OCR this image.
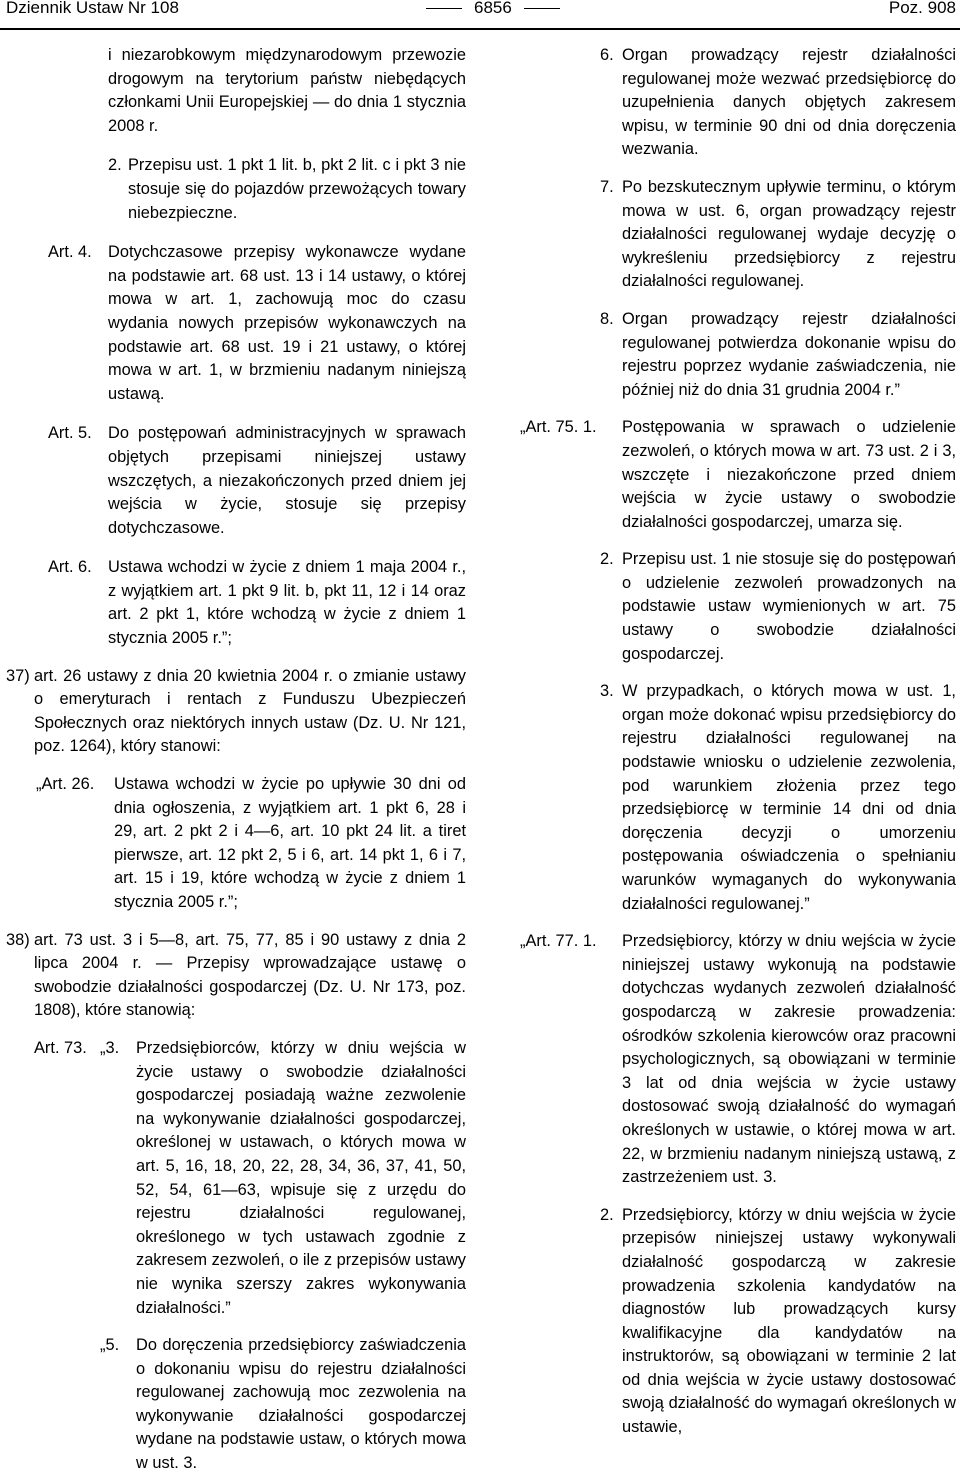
Dziennik Ustaw Nr 108	6856	Poz. 908

i niezarobkowym międzynarodowym przewozie drogowym na terytorium państw niebędących członkami Unii Europejskiej — do dnia 1 stycznia 2008 r.

2. Przepisu ust. 1 pkt 1 lit. b, pkt 2 lit. c i pkt 3 nie stosuje się do pojazdów przewożących towary niebezpieczne.

Art. 4. Dotychczasowe przepisy wykonawcze wydane na podstawie art. 68 ust. 13 i 14 ustawy, o której mowa w art. 1, zachowują moc do czasu wydania nowych przepisów wykonawczych na podstawie art. 68 ust. 19 i 21 ustawy, o której mowa w art. 1, w brzmieniu nadanym niniejszą ustawą.

Art. 5. Do postępowań administracyjnych w sprawach objętych przepisami niniejszej ustawy wszczętych, a niezakończonych przed dniem jej wejścia w życie, stosuje się przepisy dotychczasowe.

Art. 6. Ustawa wchodzi w życie z dniem 1 maja 2004 r., z wyjątkiem art. 1 pkt 9 lit. b, pkt 11, 12 i 14 oraz art. 2 pkt 1, które wchodzą w życie z dniem 1 stycznia 2005 r.”;

37) art. 26 ustawy z dnia 20 kwietnia 2004 r. o zmianie ustawy o emeryturach i rentach z Funduszu Ubezpieczeń Społecznych oraz niektórych innych ustaw (Dz. U. Nr 121, poz. 1264), który stanowi:

„Art. 26. Ustawa wchodzi w życie po upływie 30 dni od dnia ogłoszenia, z wyjątkiem art. 1 pkt 6, 28 i 29, art. 2 pkt 2 i 4—6, art. 10 pkt 24 lit. a tiret pierwsze, art. 12 pkt 2, 5 i 6, art. 14 pkt 1, 6 i 7, art. 15 i 19, które wchodzą w życie z dniem 1 stycznia 2005 r.”;

38) art. 73 ust. 3 i 5—8, art. 75, 77, 85 i 90 ustawy z dnia 2 lipca 2004 r. — Przepisy wprowadzające ustawę o swobodzie działalności gospodarczej (Dz. U. Nr 173, poz. 1808), które stanowią:

Art. 73. „3. Przedsiębiorców, którzy w dniu wejścia w życie ustawy o swobodzie działalności gospodarczej posiadają ważne zezwolenie na wykonywanie działalności gospodarczej, określonej w ustawach, o których mowa w art. 5, 16, 18, 20, 22, 28, 34, 36, 37, 41, 50, 52, 54, 61—63, wpisuje się z urzędu do rejestru działalności regulowanej, określonego w tych ustawach zgodnie z zakresem zezwoleń, o ile z przepisów ustawy nie wynika szerszy zakres wykonywania działalności.”

„5. Do doręczenia przedsiębiorcy zaświadczenia o dokonaniu wpisu do rejestru działalności regulowanej zachowują moc zezwolenia na wykonywanie działalności gospodarczej wydane na podstawie ustaw, o których mowa w ust. 3.

6. Organ prowadzący rejestr działalności regulowanej może wezwać przedsiębiorcę do uzupełnienia danych objętych zakresem wpisu, w terminie 90 dni od dnia doręczenia wezwania.

7. Po bezskutecznym upływie terminu, o którym mowa w ust. 6, organ prowadzący rejestr działalności regulowanej wydaje decyzję o wykreśleniu przedsiębiorcy z rejestru działalności regulowanej.

8. Organ prowadzący rejestr działalności regulowanej potwierdza dokonanie wpisu do rejestru poprzez wydanie zaświadczenia, nie później niż do dnia 31 grudnia 2004 r.”

„Art. 75. 1. Postępowania w sprawach o udzielenie zezwoleń, o których mowa w art. 73 ust. 2 i 3, wszczęte i niezakończone przed dniem wejścia w życie ustawy o swobodzie działalności gospodarczej, umarza się.

2. Przepisu ust. 1 nie stosuje się do postępowań o udzielenie zezwoleń prowadzonych na podstawie ustaw wymienionych w art. 75 ustawy o swobodzie działalności gospodarczej.

3. W przypadkach, o których mowa w ust. 1, organ może dokonać wpisu przedsiębiorcy do rejestru działalności regulowanej na podstawie wniosku o udzielenie zezwolenia, pod warunkiem złożenia przez tego przedsiębiorcę w terminie 14 dni od dnia doręczenia decyzji o umorzeniu postępowania oświadczenia o spełnianiu warunków wymaganych do wykonywania działalności regulowanej.”

„Art. 77. 1. Przedsiębiorcy, którzy w dniu wejścia w życie niniejszej ustawy wykonują na podstawie dotychczas wydanych zezwoleń działalność gospodarczą w zakresie prowadzenia: ośrodków szkolenia kierowców oraz pracowni psychologicznych, są obowiązani w terminie 3 lat od dnia wejścia w życie ustawy dostosować swoją działalność do wymagań określonych w ustawie, o której mowa w art. 22, w brzmieniu nadanym niniejszą ustawą, z zastrzeżeniem ust. 3.

2. Przedsiębiorcy, którzy w dniu wejścia w życie przepisów niniejszej ustawy wykonywali działalność gospodarczą w zakresie prowadzenia szkolenia kandydatów na diagnostów lub prowadzących kursy kwalifikacyjne dla kandydatów na instruktorów, są obowiązani w terminie 2 lat od dnia wejścia w życie ustawy dostosować swoją działalność do wymagań określonych w ustawie,
